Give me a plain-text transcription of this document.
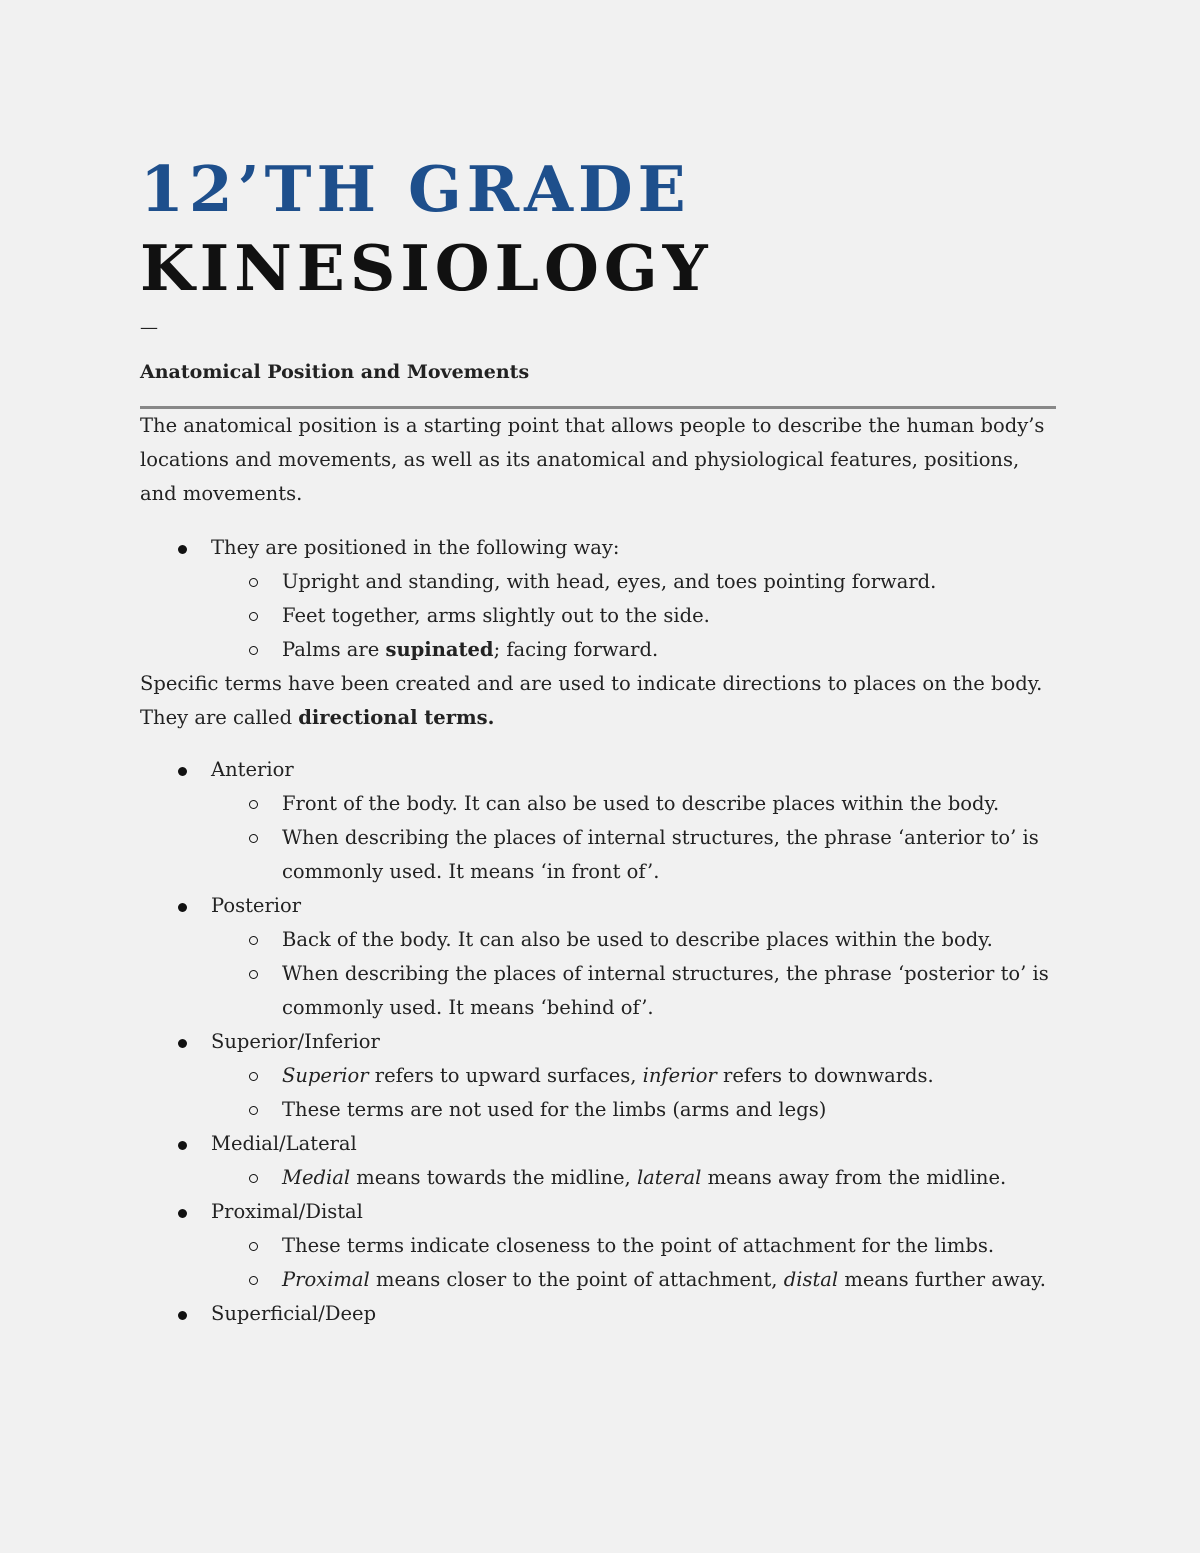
12’TH GRADE
KINESIOLOGY
—
Anatomical Position and Movements

The anatomical position is a starting point that allows people to describe the human body’s locations and movements, as well as its anatomical and physiological features, positions, and movements.

They are positioned in the following way:
Upright and standing, with head, eyes, and toes pointing forward.
Feet together, arms slightly out to the side.
Palms are supinated; facing forward.

Specific terms have been created and are used to indicate directions to places on the body. They are called directional terms.

Anterior
Front of the body. It can also be used to describe places within the body.
When describing the places of internal structures, the phrase ‘anterior to’ is commonly used. It means ‘in front of’.
Posterior
Back of the body. It can also be used to describe places within the body.
When describing the places of internal structures, the phrase ‘posterior to’ is commonly used. It means ‘behind of’.
Superior/Inferior
Superior refers to upward surfaces, inferior refers to downwards.
These terms are not used for the limbs (arms and legs)
Medial/Lateral
Medial means towards the midline, lateral means away from the midline.
Proximal/Distal
These terms indicate closeness to the point of attachment for the limbs.
Proximal means closer to the point of attachment, distal means further away.
Superficial/Deep
